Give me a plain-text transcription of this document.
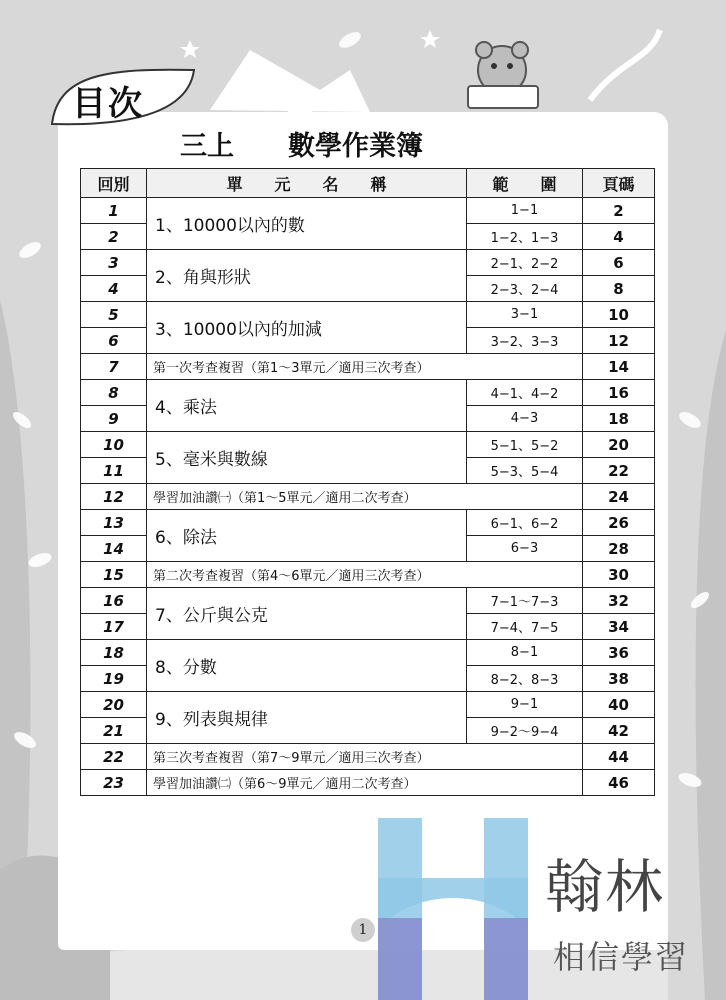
目次
三上　　數學作業簿
回別	單　　元　　名　　稱	範　　圍	頁碼
1	1、10000以內的數	1−1	2
2		1−2、1−3	4
3	2、角與形狀	2−1、2−2	6
4		2−3、2−4	8
5	3、10000以內的加減	3−1	10
6		3−2、3−3	12
7	第一次考查複習（第1～3單元／適用三次考查）		14
8	4、乘法	4−1、4−2	16
9		4−3	18
10	5、毫米與數線	5−1、5−2	20
11		5−3、5−4	22
12	學習加油讚㈠（第1～5單元／適用二次考查）		24
13	6、除法	6−1、6−2	26
14		6−3	28
15	第二次考查複習（第4～6單元／適用三次考查）		30
16	7、公斤與公克	7−1～7−3	32
17		7−4、7−5	34
18	8、分數	8−1	36
19		8−2、8−3	38
20	9、列表與規律	9−1	40
21		9−2～9−4	42
22	第三次考查複習（第7～9單元／適用三次考查）		44
23	學習加油讚㈡（第6～9單元／適用二次考查）		46
1
翰林
相信學習
